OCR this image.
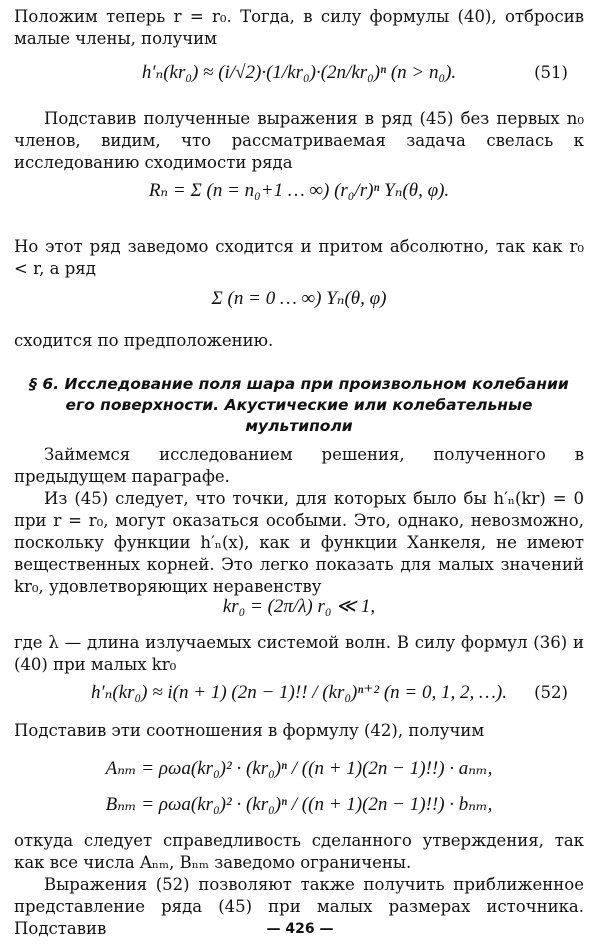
Положим теперь r = r₀. Тогда, в силу формулы (40), отбросив малые члены, получим

h′ₙ(kr₀) ≈ (i/√2)·(1/kr₀)·(2n/kr₀)ⁿ (n > n₀).	(51)

Подставив полученные выражения в ряд (45) без первых n₀ членов, видим, что рассматриваемая задача свелась к исследованию сходимости ряда

Rₙ = Σ (n = n₀+1 … ∞) (r₀/r)ⁿ Yₙ(θ, φ).

Но этот ряд заведомо сходится и притом абсолютно, так как r₀ < r, а ряд

Σ (n = 0 … ∞) Yₙ(θ, φ)

сходится по предположению.

§ 6. Исследование поля шара при произвольном колебании его поверхности. Акустические или колебательные мультиполи

Займемся исследованием решения, полученного в предыдущем параграфе.

Из (45) следует, что точки, для которых было бы h′ₙ(kr) = 0 при r = r₀, могут оказаться особыми. Это, однако, невозможно, поскольку функции h′ₙ(x), как и функции Ханкеля, не имеют вещественных корней. Это легко показать для малых значений kr₀, удовлетворяющих неравенству

kr₀ = (2π/λ) r₀ ≪ 1,

где λ — длина излучаемых системой волн. В силу формул (36) и (40) при малых kr₀

h′ₙ(kr₀) ≈ i(n + 1) (2n − 1)!! / (kr₀)ⁿ⁺² (n = 0, 1, 2, …). (52)

Подставив эти соотношения в формулу (42), получим

Aₙₘ = ρωa(kr₀)² · (kr₀)ⁿ / ((n + 1)(2n − 1)!!) · aₙₘ,
Bₙₘ = ρωa(kr₀)² · (kr₀)ⁿ / ((n + 1)(2n − 1)!!) · bₙₘ,

откуда следует справедливость сделанного утверждения, так как все числа Aₙₘ, Bₙₘ заведомо ограничены.

Выражения (52) позволяют также получить приближенное представление ряда (45) при малых размерах источника. Подставив	— 426 —
